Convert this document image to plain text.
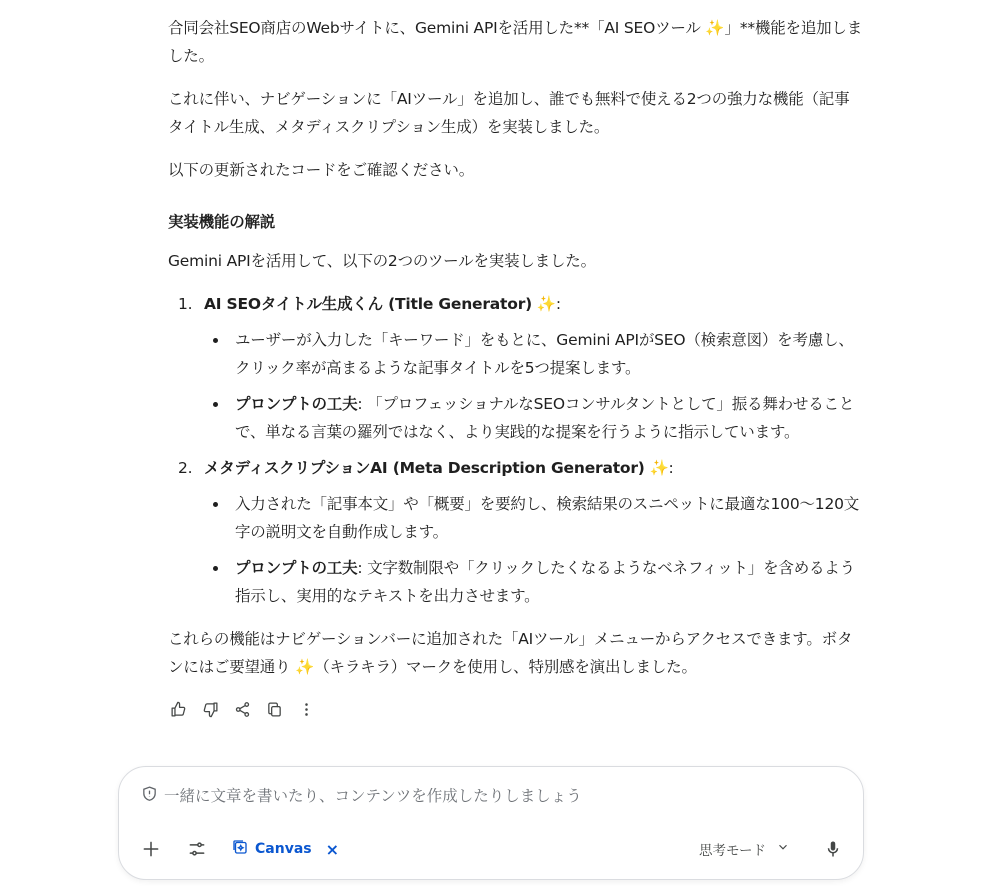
合同会社SEO商店のWebサイトに、Gemini APIを活用した**「AI SEOツール ✨」**機能を追加しました。

これに伴い、ナビゲーションに「AIツール」を追加し、誰でも無料で使える2つの強力な機能（記事タイトル生成、メタディスクリプション生成）を実装しました。

以下の更新されたコードをご確認ください。

実装機能の解説

Gemini APIを活用して、以下の2つのツールを実装しました。

1. AI SEOタイトル生成くん (Title Generator) ✨:
ユーザーが入力した「キーワード」をもとに、Gemini APIがSEO（検索意図）を考慮し、クリック率が高まるような記事タイトルを5つ提案します。
プロンプトの工夫: 「プロフェッショナルなSEOコンサルタントとして」振る舞わせることで、単なる言葉の羅列ではなく、より実践的な提案を行うように指示しています。
2. メタディスクリプションAI (Meta Description Generator) ✨:
入力された「記事本文」や「概要」を要約し、検索結果のスニペットに最適な100〜120文字の説明文を自動作成します。
プロンプトの工夫: 文字数制限や「クリックしたくなるようなベネフィット」を含めるよう指示し、実用的なテキストを出力させます。

これらの機能はナビゲーションバーに追加された「AIツール」メニューからアクセスできます。ボタンにはご要望通り ✨（キラキラ）マークを使用し、特別感を演出しました。

一緒に文章を書いたり、コンテンツを作成したりしましょう
Canvas ×	思考モード
